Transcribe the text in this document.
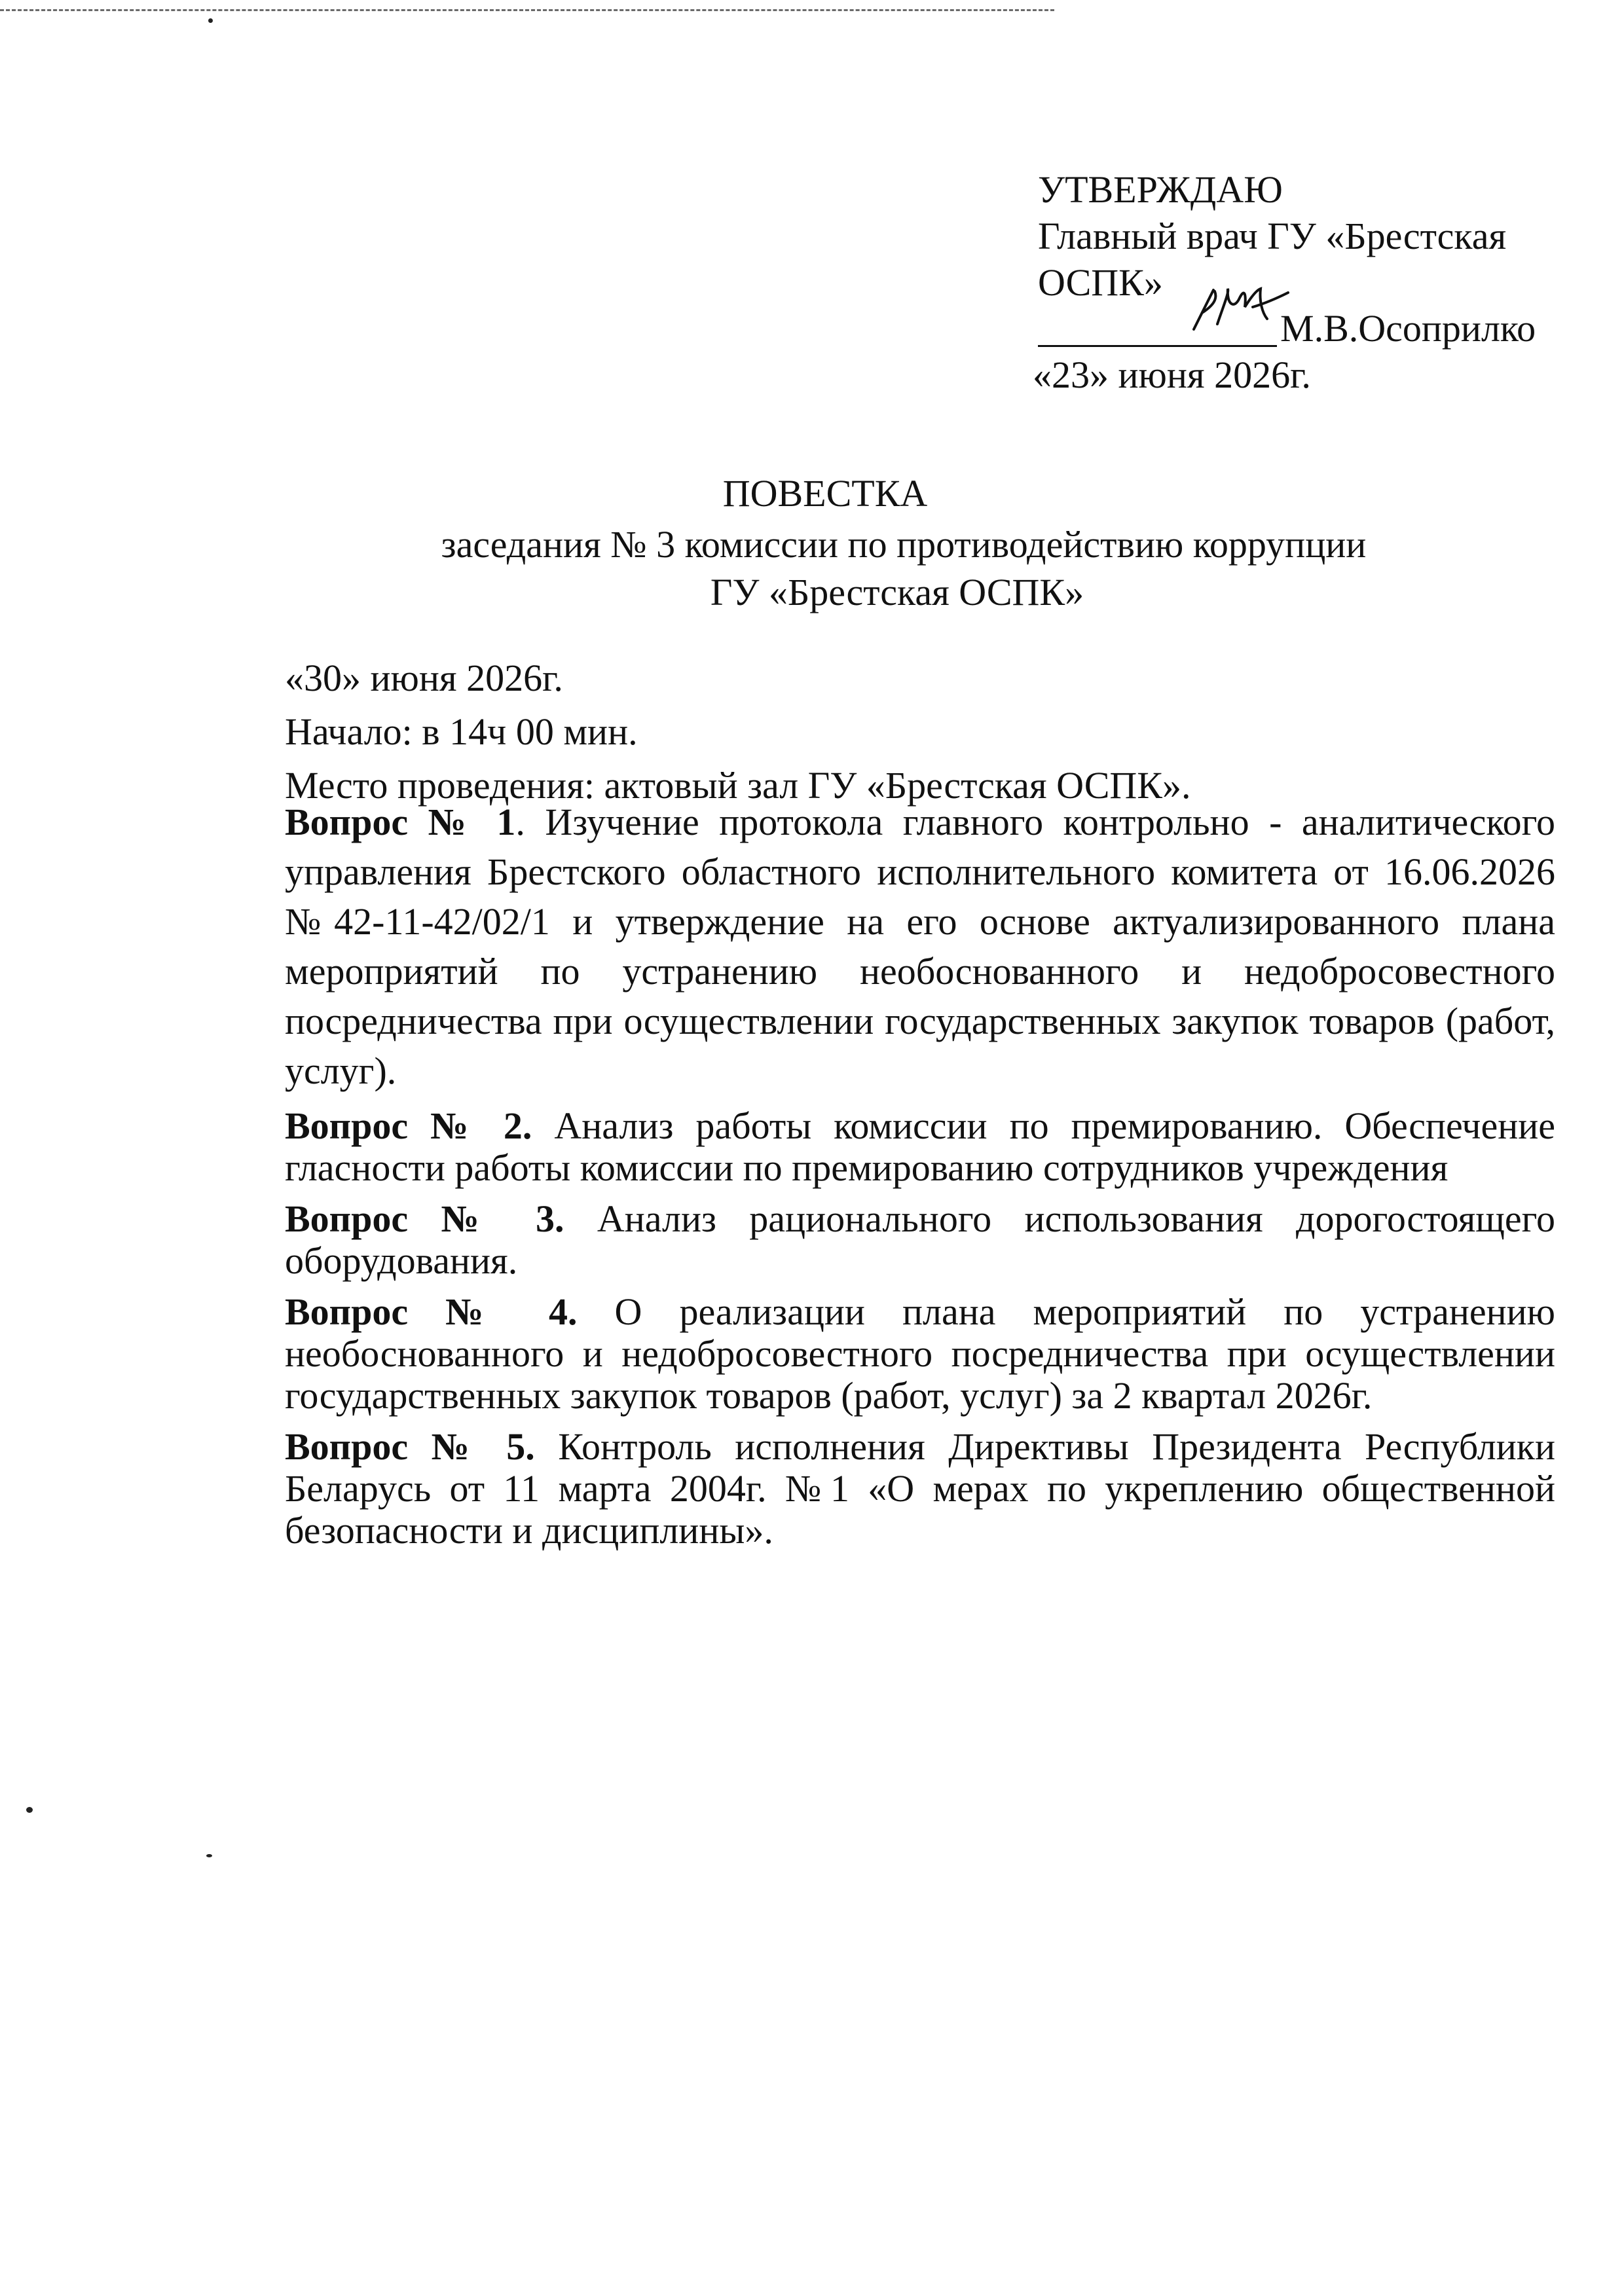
УТВЕРЖДАЮ
Главный врач ГУ «Брестская
ОСПК»
М.В.Осоприлко
«23» июня 2026г.
ПОВЕСТКА
заседания № 3 комиссии по противодействию коррупции
ГУ «Брестская ОСПК»
«30» июня 2026г.
Начало: в 14ч 00 мин.
Место проведения: актовый зал ГУ «Брестская ОСПК».

Вопрос № 1. Изучение протокола главного контрольно - аналитического управления Брестского областного исполнительного комитета от 16.06.2026 №42-11-42/02/1 и утверждение на его основе актуализированного плана мероприятий по устранению необоснованного и недобросовестного посредничества при осуществлении государственных закупок товаров (работ, услуг).

Вопрос № 2. Анализ работы комиссии по премированию. Обеспечение гласности работы комиссии по премированию сотрудников учреждения

Вопрос № 3. Анализ рационального использования дорогостоящего оборудования.

Вопрос № 4. О реализации плана мероприятий по устранению необоснованного и недобросовестного посредничества при осуществлении государственных закупок товаров (работ, услуг) за 2 квартал 2026г.

Вопрос № 5. Контроль исполнения Директивы Президента Республики Беларусь от 11 марта 2004г. №1 «О мерах по укреплению общественной безопасности и дисциплины».
